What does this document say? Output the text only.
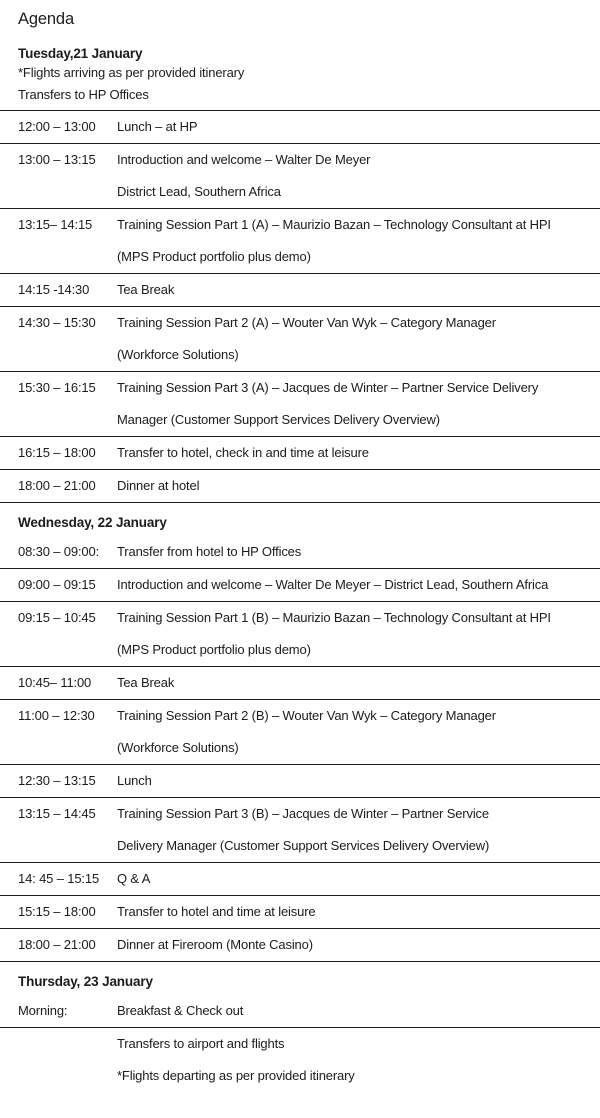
Agenda
Tuesday,21 January
*Flights arriving as per provided itinerary
Transfers to HP Offices
12:00 – 13:00	Lunch – at HP
13:00 – 13:15	Introduction and welcome – Walter De Meyer
District Lead, Southern Africa
13:15– 14:15	Training Session Part 1 (A) – Maurizio Bazan – Technology Consultant at HPI
(MPS Product portfolio plus demo)
14:15 -14:30	Tea Break
14:30 – 15:30	Training Session Part 2 (A) – Wouter Van Wyk – Category Manager
(Workforce Solutions)
15:30 – 16:15	Training Session Part 3 (A) – Jacques de Winter – Partner Service Delivery
Manager (Customer Support Services Delivery Overview)
16:15 – 18:00	Transfer to hotel, check in and time at leisure
18:00 – 21:00	Dinner at hotel
Wednesday, 22 January
08:30 – 09:00:	Transfer from hotel to HP Offices
09:00 – 09:15	Introduction and welcome – Walter De Meyer – District Lead, Southern Africa
09:15 – 10:45	Training Session Part 1 (B) – Maurizio Bazan – Technology Consultant at HPI
(MPS Product portfolio plus demo)
10:45– 11:00	Tea Break
11:00 – 12:30	Training Session Part 2 (B) – Wouter Van Wyk – Category Manager
(Workforce Solutions)
12:30 – 13:15	Lunch
13:15 – 14:45	Training Session Part 3 (B) – Jacques de Winter – Partner Service
Delivery Manager (Customer Support Services Delivery Overview)
14: 45 – 15:15	Q & A
15:15 – 18:00	Transfer to hotel and time at leisure
18:00 – 21:00	Dinner at Fireroom (Monte Casino)
Thursday, 23 January
Morning:	Breakfast & Check out
Transfers to airport and flights
*Flights departing as per provided itinerary
